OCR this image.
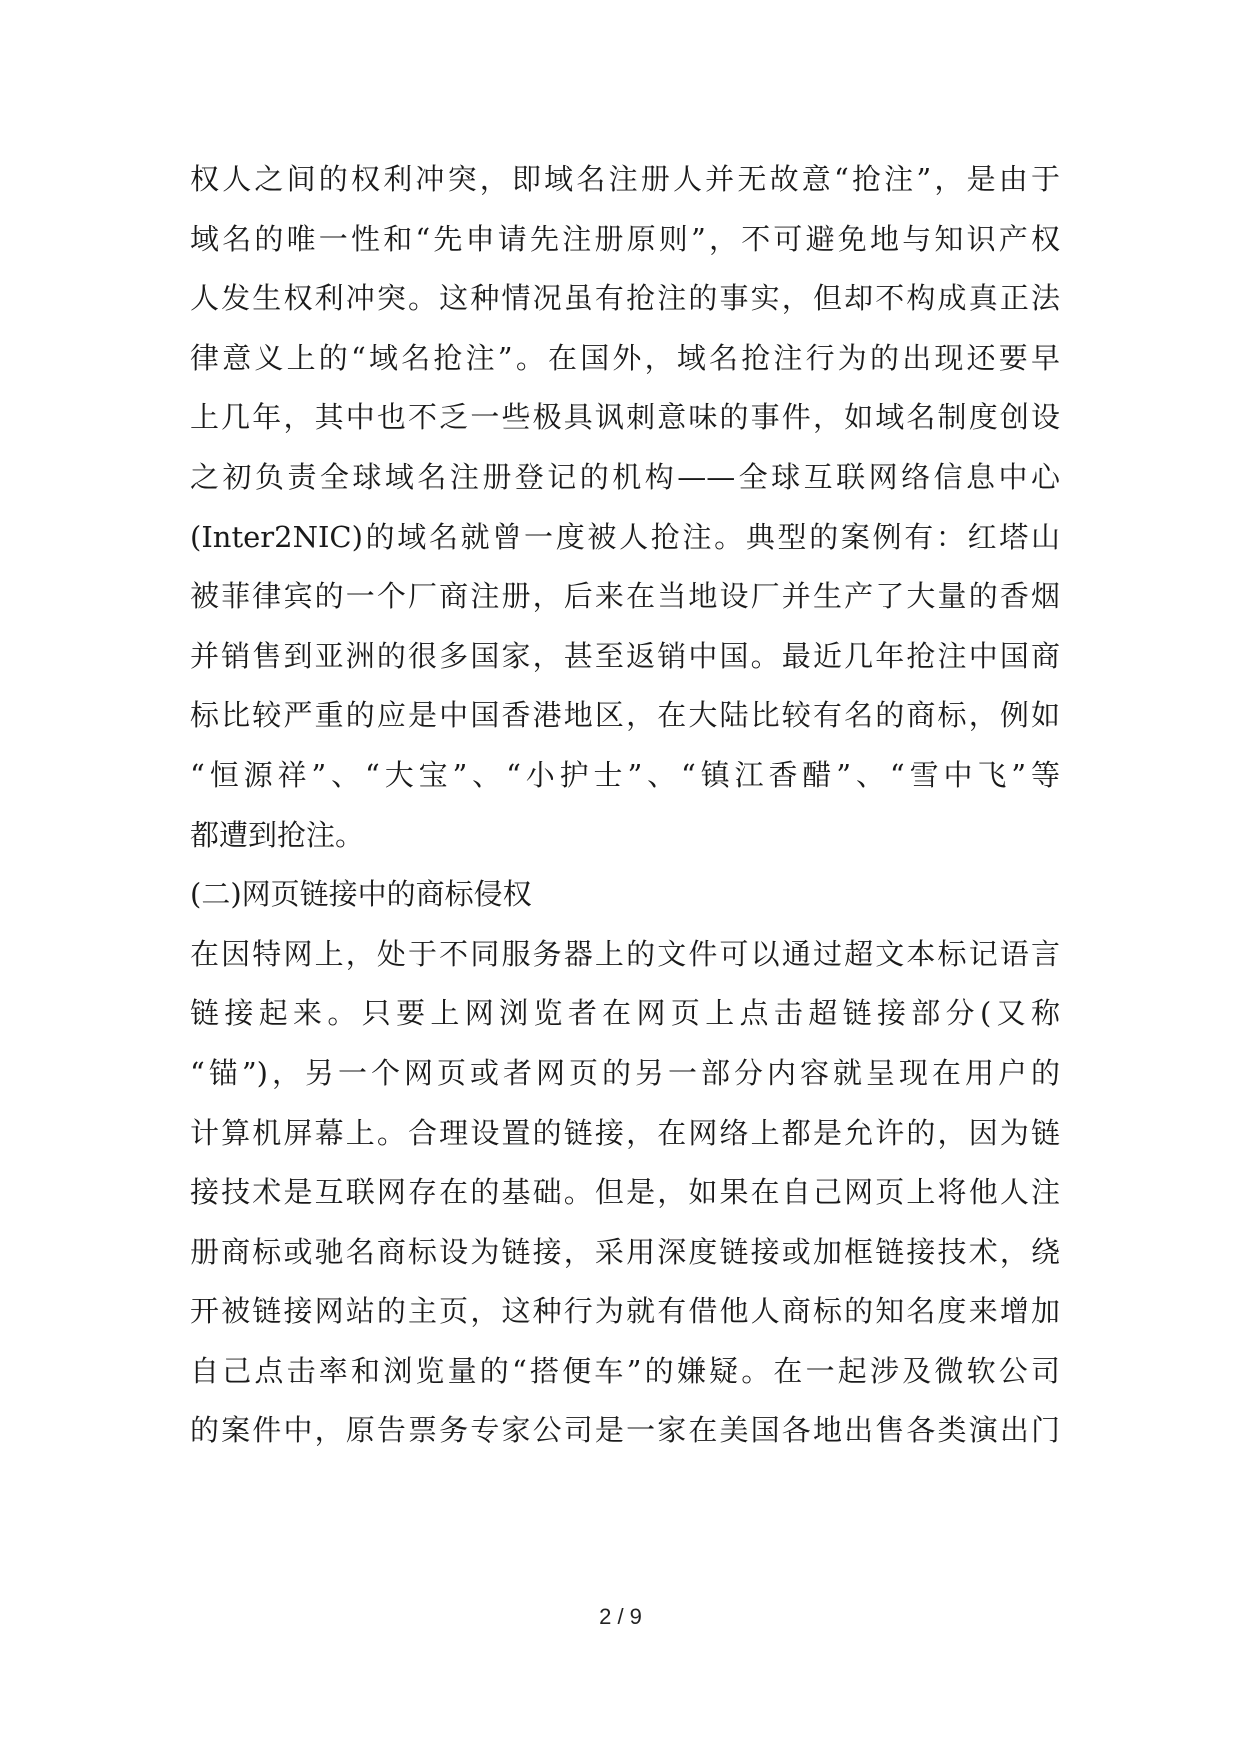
权人之间的权利冲突，即域名注册人并无故意“抢注”，是由于
域名的唯一性和“先申请先注册原则”，不可避免地与知识产权
人发生权利冲突。这种情况虽有抢注的事实，但却不构成真正法
律意义上的“域名抢注”。在国外，域名抢注行为的出现还要早
上几年，其中也不乏一些极具讽刺意味的事件，如域名制度创设
之初负责全球域名注册登记的机构——全球互联网络信息中心
(Inter2NIC)的域名就曾一度被人抢注。典型的案例有：红塔山
被菲律宾的一个厂商注册，后来在当地设厂并生产了大量的香烟
并销售到亚洲的很多国家，甚至返销中国。最近几年抢注中国商
标比较严重的应是中国香港地区，在大陆比较有名的商标，例如
“恒源祥”、“大宝”、“小护士”、“镇江香醋”、“雪中飞”等
都遭到抢注。
(二)网页链接中的商标侵权
在因特网上，处于不同服务器上的文件可以通过超文本标记语言
链接起来。只要上网浏览者在网页上点击超链接部分(又称
“锚”)，另一个网页或者网页的另一部分内容就呈现在用户的
计算机屏幕上。合理设置的链接，在网络上都是允许的，因为链
接技术是互联网存在的基础。但是，如果在自己网页上将他人注
册商标或驰名商标设为链接，采用深度链接或加框链接技术，绕
开被链接网站的主页，这种行为就有借他人商标的知名度来增加
自己点击率和浏览量的“搭便车”的嫌疑。在一起涉及微软公司
的案件中，原告票务专家公司是一家在美国各地出售各类演出门
2 / 9
